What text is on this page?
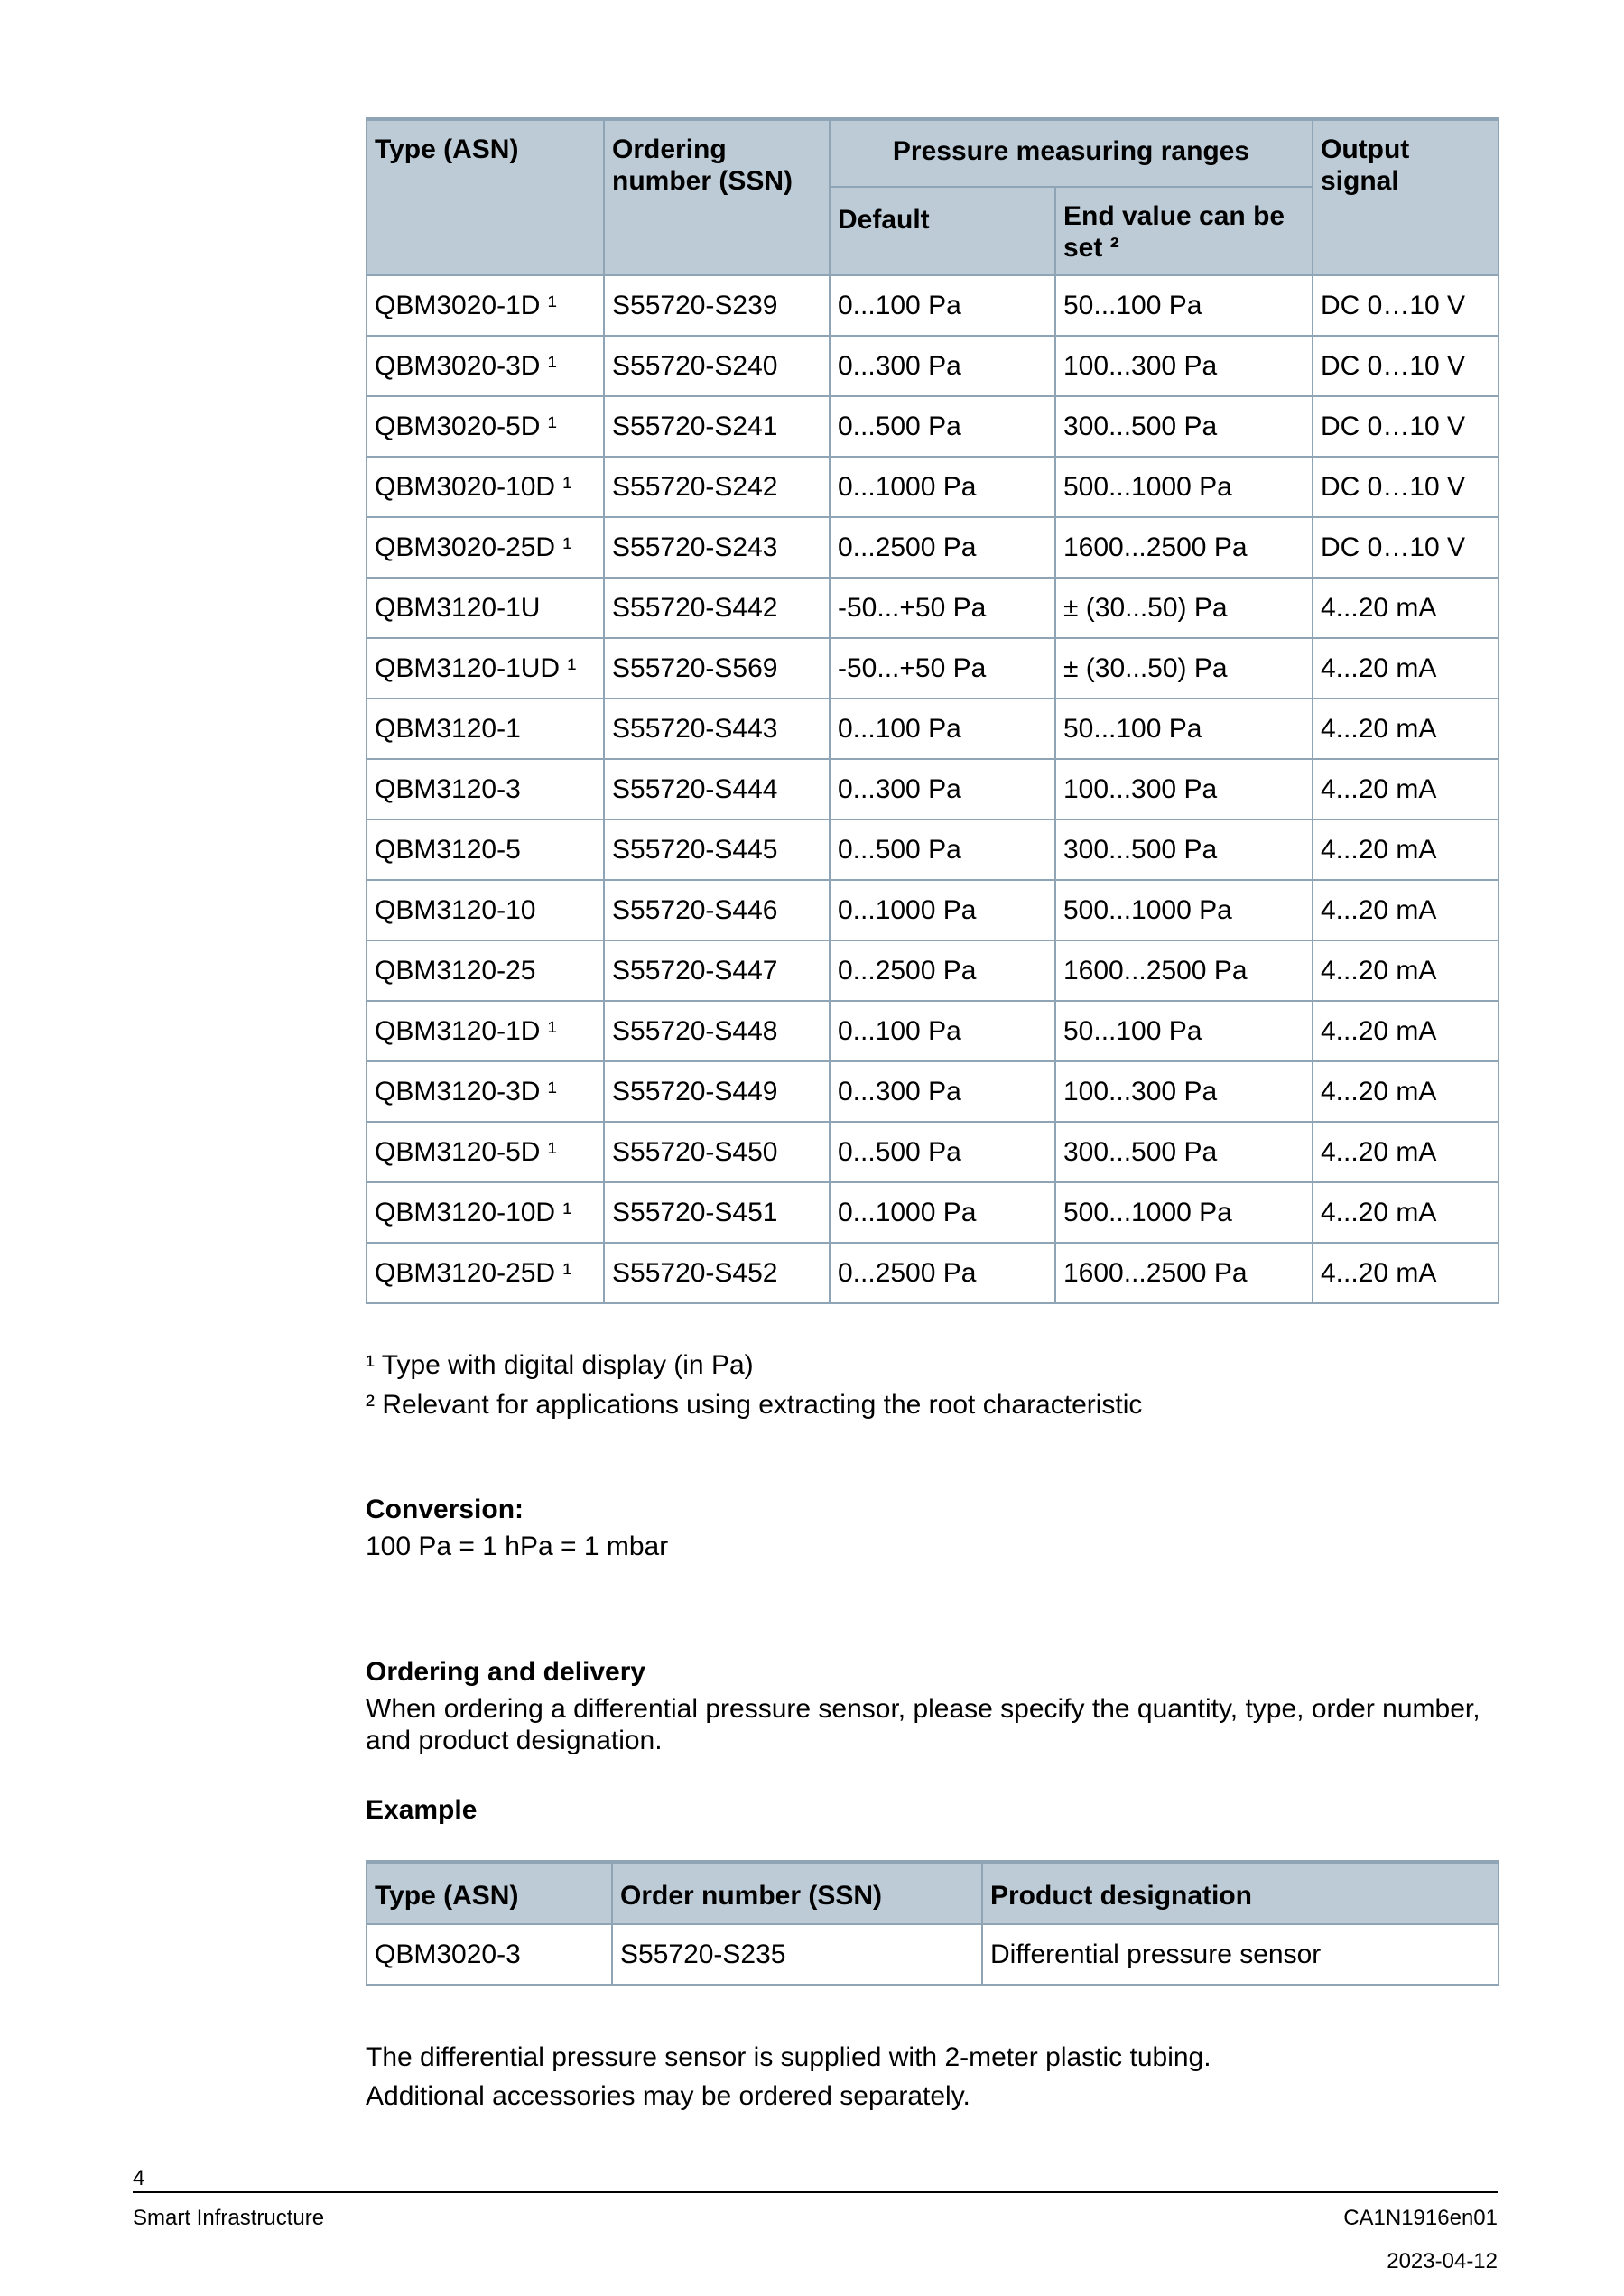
Type (ASN)	Ordering number (SSN)	Pressure measuring ranges		Output signal
		Default	End value can be set ²	
QBM3020-1D ¹	S55720-S239	0...100 Pa	50...100 Pa	DC 0…10 V
QBM3020-3D ¹	S55720-S240	0...300 Pa	100...300 Pa	DC 0…10 V
QBM3020-5D ¹	S55720-S241	0...500 Pa	300...500 Pa	DC 0…10 V
QBM3020-10D ¹	S55720-S242	0...1000 Pa	500...1000 Pa	DC 0…10 V
QBM3020-25D ¹	S55720-S243	0...2500 Pa	1600...2500 Pa	DC 0…10 V
QBM3120-1U	S55720-S442	-50...+50 Pa	± (30...50) Pa	4...20 mA
QBM3120-1UD ¹	S55720-S569	-50...+50 Pa	± (30...50) Pa	4...20 mA
QBM3120-1	S55720-S443	0...100 Pa	50...100 Pa	4...20 mA
QBM3120-3	S55720-S444	0...300 Pa	100...300 Pa	4...20 mA
QBM3120-5	S55720-S445	0...500 Pa	300...500 Pa	4...20 mA
QBM3120-10	S55720-S446	0...1000 Pa	500...1000 Pa	4...20 mA
QBM3120-25	S55720-S447	0...2500 Pa	1600...2500 Pa	4...20 mA
QBM3120-1D ¹	S55720-S448	0...100 Pa	50...100 Pa	4...20 mA
QBM3120-3D ¹	S55720-S449	0...300 Pa	100...300 Pa	4...20 mA
QBM3120-5D ¹	S55720-S450	0...500 Pa	300...500 Pa	4...20 mA
QBM3120-10D ¹	S55720-S451	0...1000 Pa	500...1000 Pa	4...20 mA
QBM3120-25D ¹	S55720-S452	0...2500 Pa	1600...2500 Pa	4...20 mA

¹ Type with digital display (in Pa)

² Relevant for applications using extracting the root characteristic

Conversion:

100 Pa = 1 hPa = 1 mbar

Ordering and delivery

When ordering a differential pressure sensor, please specify the quantity, type, order number, and product designation.

Example

Type (ASN)	Order number (SSN)	Product designation
QBM3020-3	S55720-S235	Differential pressure sensor

The differential pressure sensor is supplied with 2-meter plastic tubing.

Additional accessories may be ordered separately.

4
Smart Infrastructure	CA1N1916en01
2023-04-12
